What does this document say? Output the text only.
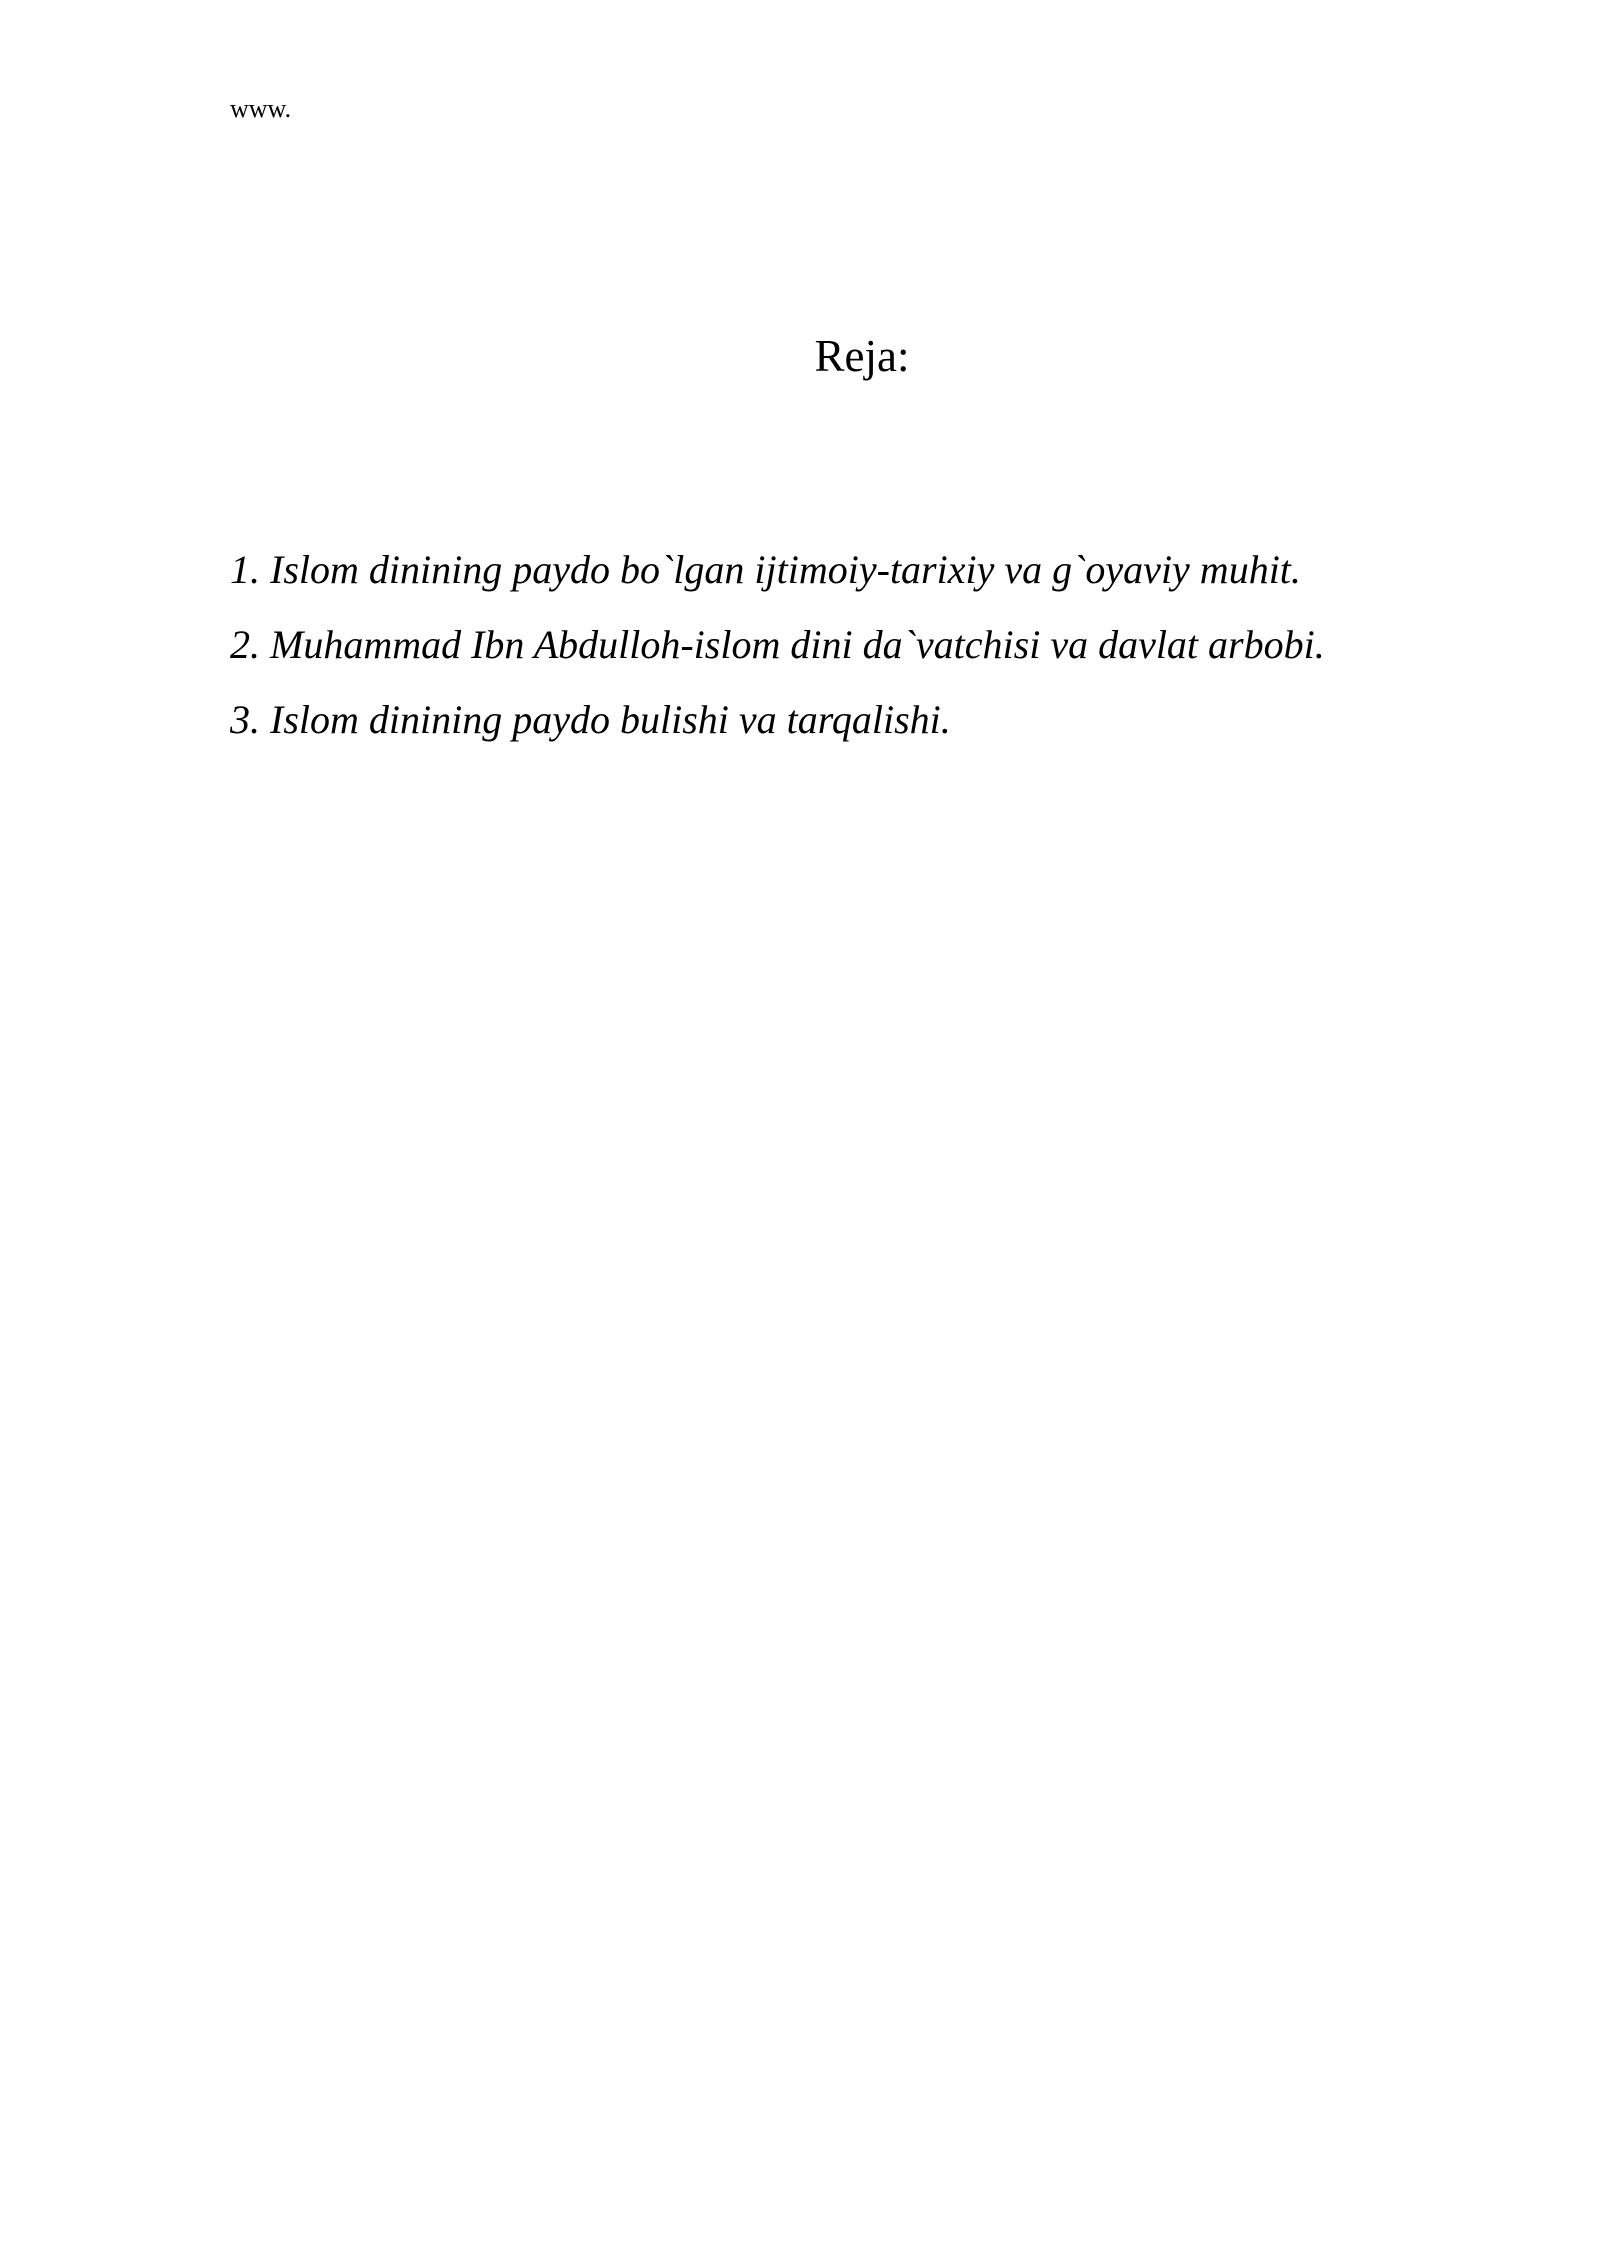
www.
Reja:
1. Islom dinining paydo bo`lgan ijtimoiy-tarixiy va g`oyaviy muhit.
2. Muhammad Ibn Abdulloh-islom dini da`vatchisi va davlat arbobi.
3. Islom dinining paydo bulishi va tarqalishi.
